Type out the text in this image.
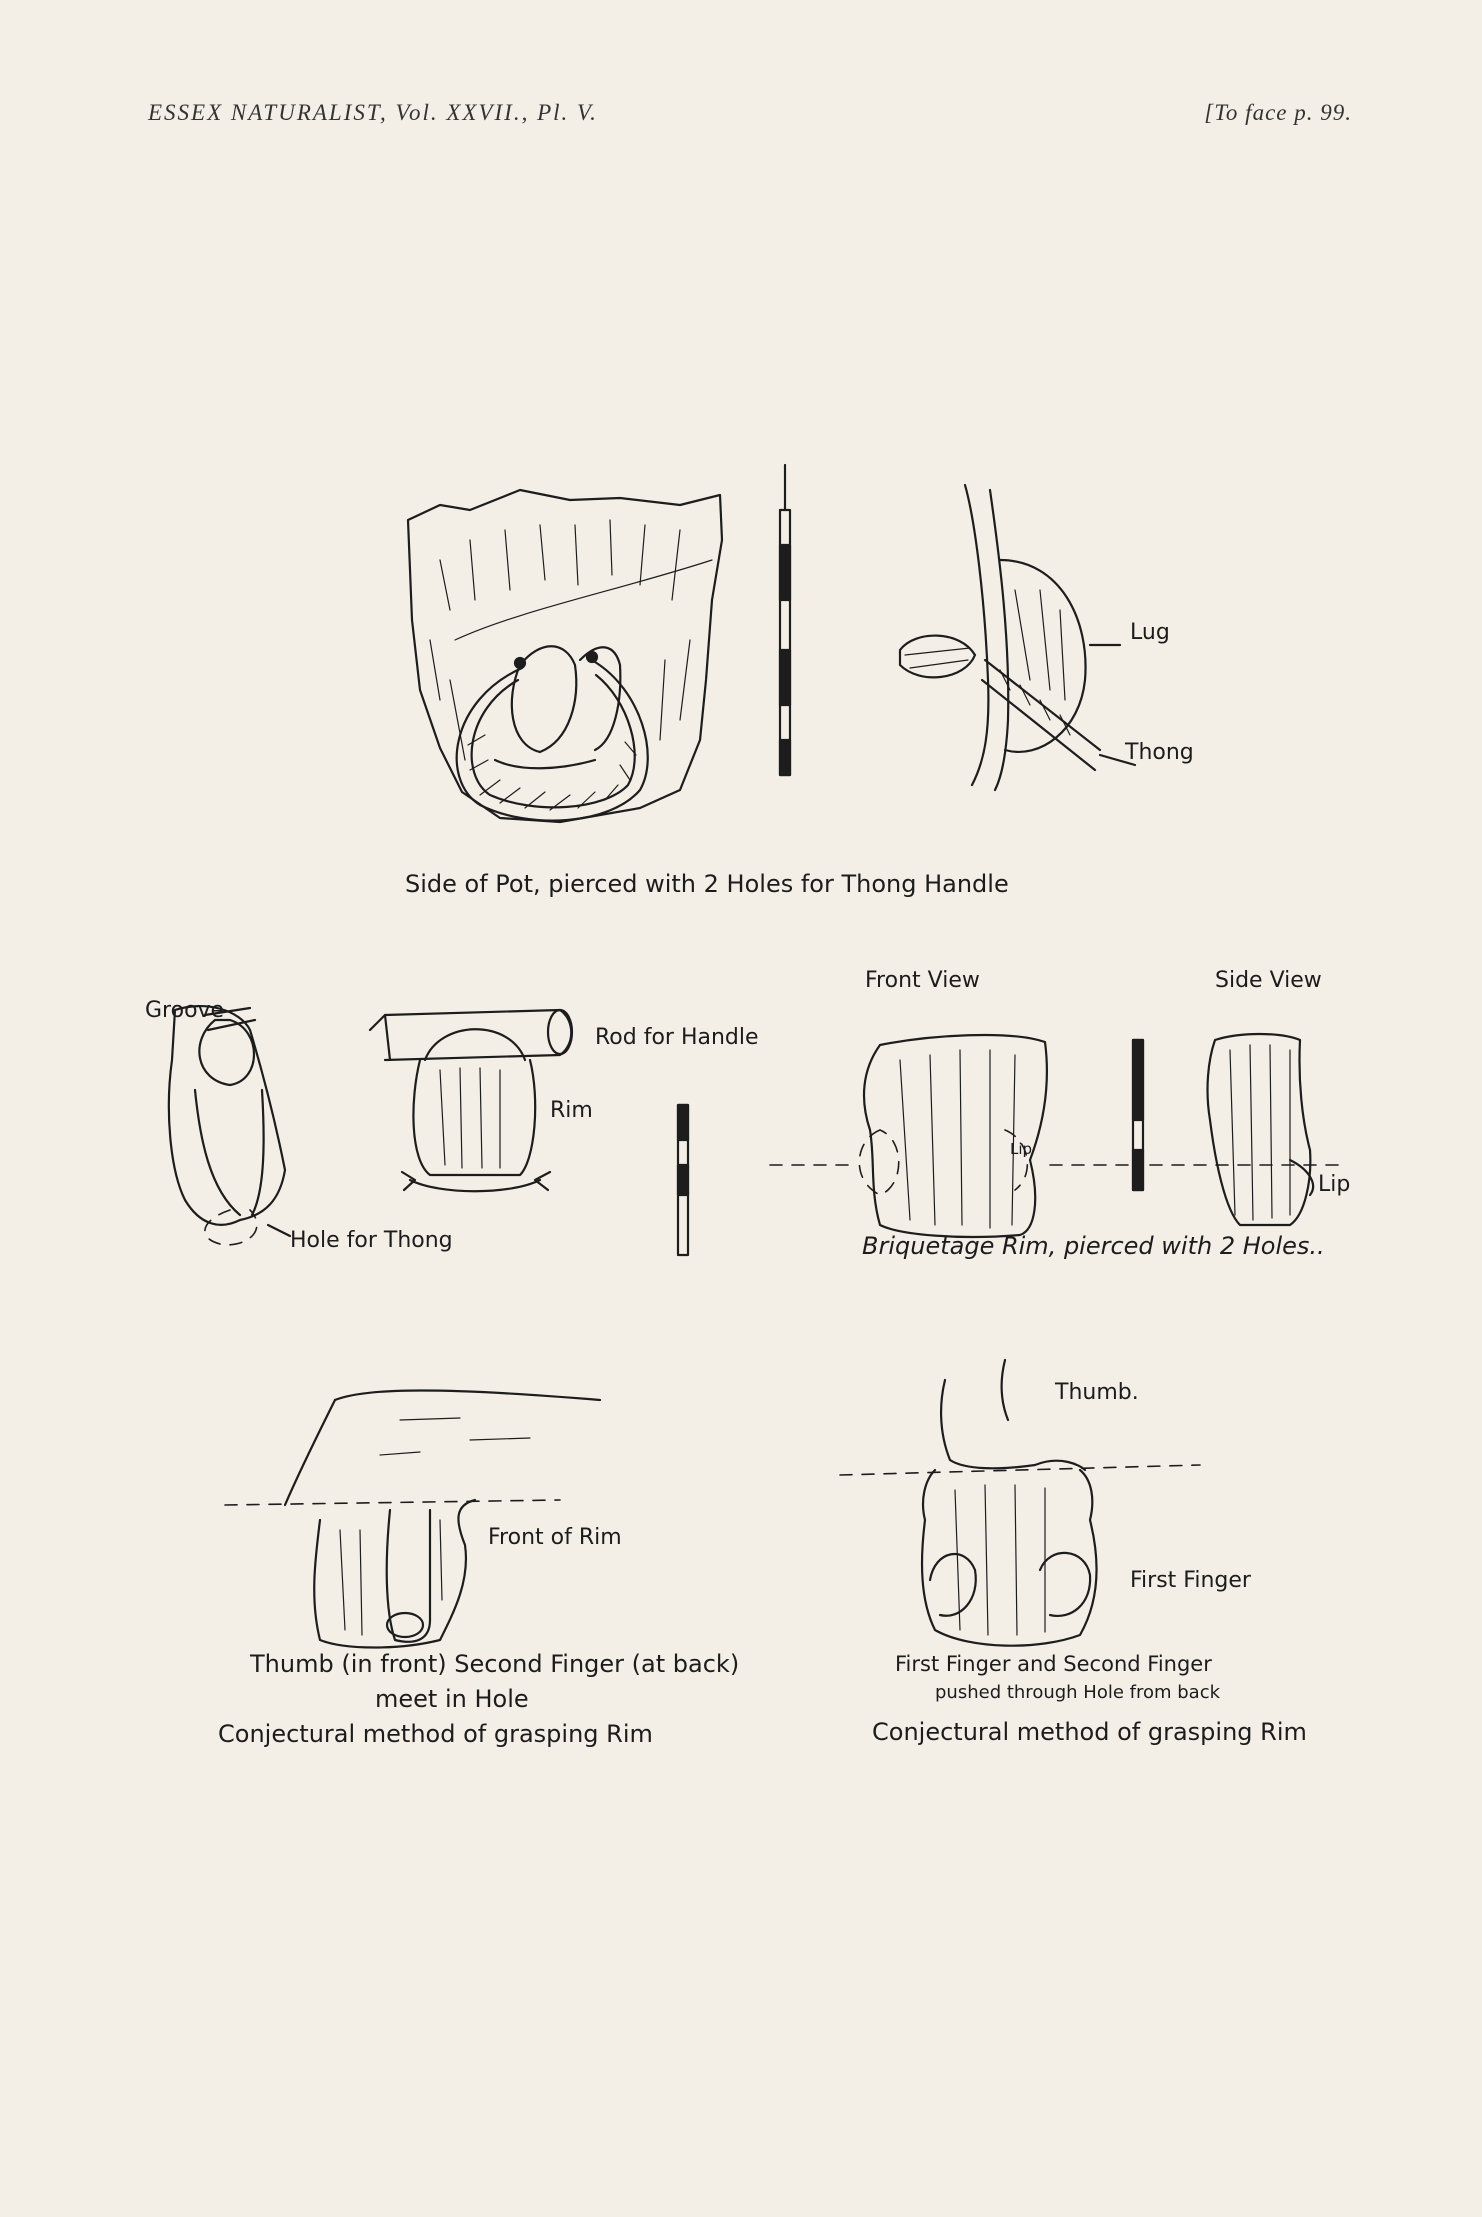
ESSEX NATURALIST, Vol. XXVII., Pl. V.	[To face p. 99.
Lug
Thong
Side of Pot, pierced with 2 Holes for Thong Handle
Groove
Rod for Handle
Rim
Hole for Thong
Front View	Side View
Lip
Lip
Briquetage Rim, pierced with 2 Holes..
Front of Rim
Thumb (in front) Second Finger (at back)
meet in Hole
Conjectural method of grasping Rim
Thumb.
First Finger
First Finger and Second Finger
pushed through Hole from back
Conjectural method of grasping Rim
